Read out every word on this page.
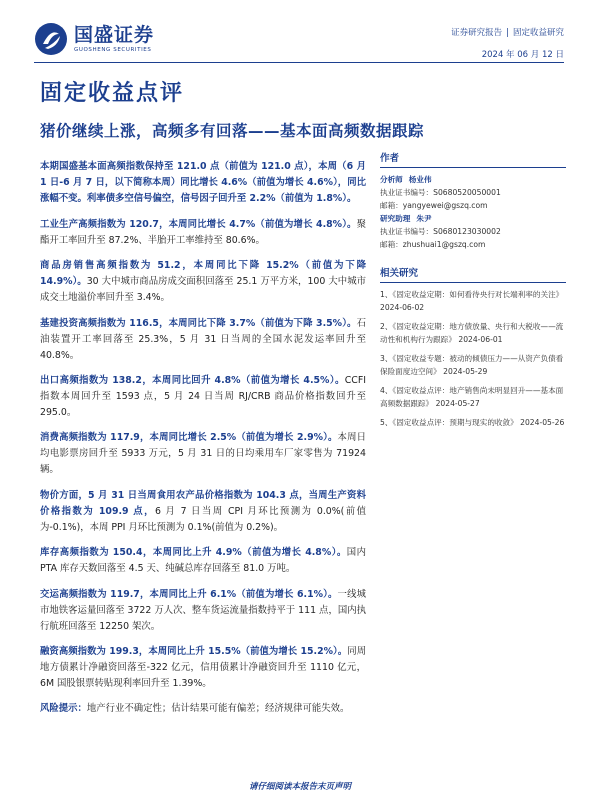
国盛证券
GUOSHENG SECURITIES
证券研究报告 | 固定收益研究
2024 年 06 月 12 日
固定收益点评
猪价继续上涨，高频多有回落——基本面高频数据跟踪

本期国盛基本面高频指数保持至 121.0 点（前值为 121.0 点），本周（6 月 1 日-6 月 7 日，以下简称本周）同比增长 4.6%（前值为增长 4.6%），同比涨幅不变。利率债多空信号偏空，信号因子回升至 2.2%（前值为 1.8%）。

工业生产高频指数为 120.7，本周同比增长 4.7%（前值为增长 4.8%）。聚酯开工率回升至 87.2%、半胎开工率维持至 80.6%。

商品房销售高频指数为 51.2，本周同比下降 15.2%（前值为下降 14.9%）。30 大中城市商品房成交面积回落至 25.1 万平方米，100 大中城市成交土地溢价率回升至 3.4%。

基建投资高频指数为 116.5，本周同比下降 3.7%（前值为下降 3.5%）。石油装置开工率回落至 25.3%，5 月 31 日当周的全国水泥发运率回升至 40.8%。

出口高频指数为 138.2，本周同比回升 4.8%（前值为增长 4.5%）。CCFI 指数本周回升至 1593 点，5 月 24 日当周 RJ/CRB 商品价格指数回升至 295.0。

消费高频指数为 117.9，本周同比增长 2.5%（前值为增长 2.9%）。本周日均电影票房回升至 5933 万元，5 月 31 日的日均乘用车厂家零售为 71924 辆。

物价方面，5 月 31 日当周食用农产品价格指数为 104.3 点，当周生产资料价格指数为 109.9 点，6 月 7 日当周 CPI 月环比预测为 0.0%(前值为-0.1%)，本周 PPI 月环比预测为 0.1%(前值为 0.2%)。

库存高频指数为 150.4，本周同比上升 4.9%（前值为增长 4.8%）。国内 PTA 库存天数回落至 4.5 天、纯碱总库存回落至 81.0 万吨。

交运高频指数为 119.7，本周同比上升 6.1%（前值为增长 6.1%）。一线城市地铁客运量回落至 3722 万人次、整车货运流量指数持平于 111 点，国内执行航班回落至 12250 架次。

融资高频指数为 199.3，本周同比上升 15.5%（前值为增长 15.2%）。同周地方债累计净融资回落至-322 亿元，信用债累计净融资回升至 1110 亿元，6M 国股银票转贴现利率回升至 1.39%。

风险提示：地产行业不确定性；估计结果可能有偏差；经济规律可能失效。

作者
分析师 杨业伟
执业证书编号：S0680520050001
邮箱：yangyewei@gszq.com
研究助理 朱尹
执业证书编号：S0680123030002
邮箱：zhushuai1@gszq.com
相关研究
1、《固定收益定期：如何看待央行对长端利率的关注》 2024-06-02
2、《固定收益定期：地方债放量、央行和大税收——流动性和机构行为跟踪》 2024-06-01
3、《固定收益专题：被动的倾债压力——从资产负债看保险面度边空间》 2024-05-29
4、《固定收益点评：地产销售尚未明显回升——基本面高频数据跟踪》 2024-05-27
5、《固定收益点评：预期与现实的收敛》 2024-05-26
请仔细阅读本报告末页声明
